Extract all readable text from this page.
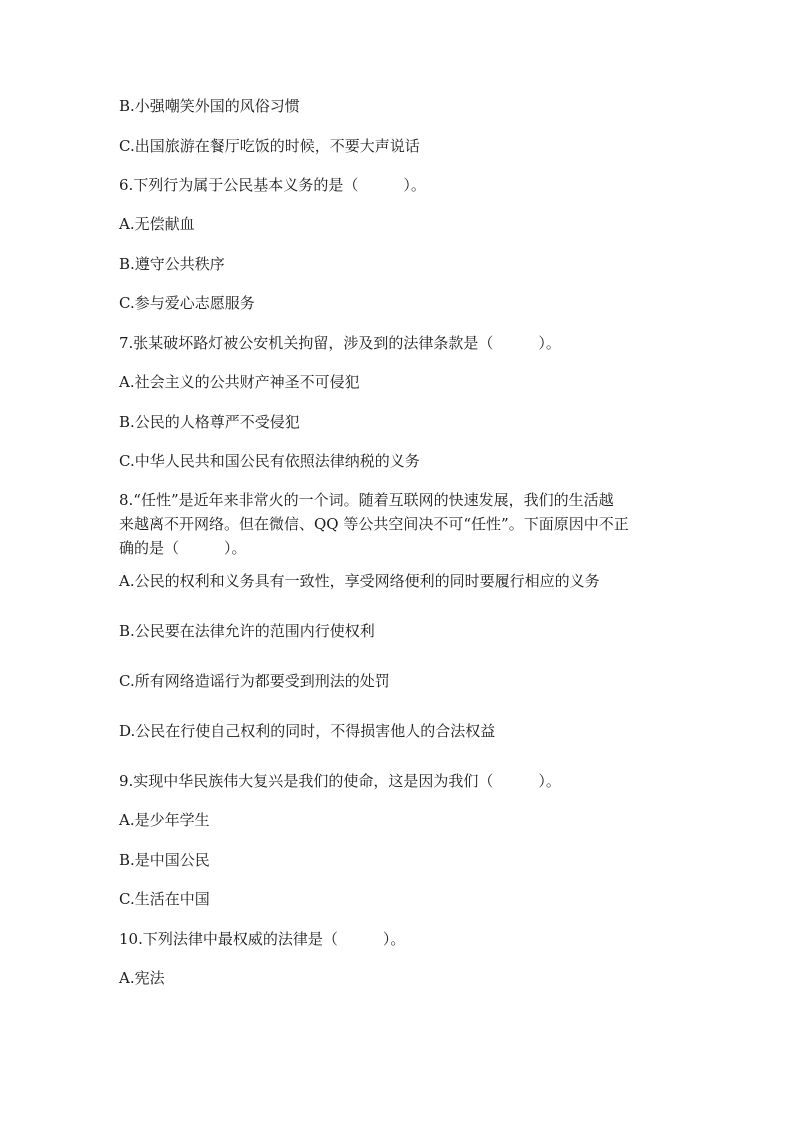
B.小强嘲笑外国的风俗习惯
C.出国旅游在餐厅吃饭的时候，不要大声说话
6.下列行为属于公民基本义务的是（　　　）。
A.无偿献血
B.遵守公共秩序
C.参与爱心志愿服务
7.张某破坏路灯被公安机关拘留，涉及到的法律条款是（　　　）。
A.社会主义的公共财产神圣不可侵犯
B.公民的人格尊严不受侵犯
C.中华人民共和国公民有依照法律纳税的义务
8.“任性”是近年来非常火的一个词。随着互联网的快速发展，我们的生活越
来越离不开网络。但在微信、QQ 等公共空间决不可“任性”。下面原因中不正
确的是（　　　）。
A.公民的权利和义务具有一致性，享受网络便利的同时要履行相应的义务
B.公民要在法律允许的范围内行使权利
C.所有网络造谣行为都要受到刑法的处罚
D.公民在行使自己权利的同时，不得损害他人的合法权益
9.实现中华民族伟大复兴是我们的使命，这是因为我们（　　　）。
A.是少年学生
B.是中国公民
C.生活在中国
10.下列法律中最权威的法律是（　　　）。
A.宪法
